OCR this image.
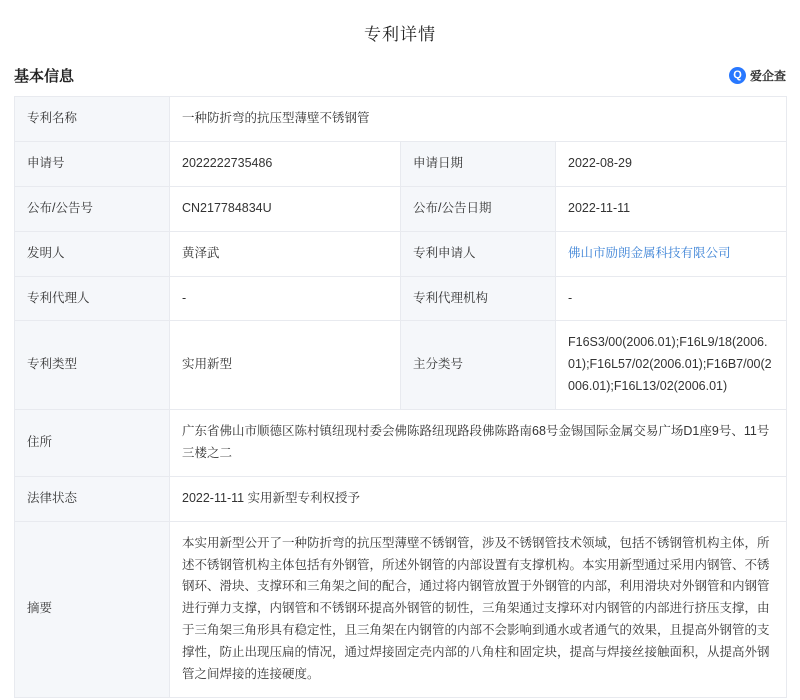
专利详情
基本信息	Q 爱企查
专利名称	一种防折弯的抗压型薄壁不锈钢管		
申请号	2022222735486	申请日期	2022-08-29
公布/公告号	CN217784834U	公布/公告日期	2022-11-11
发明人	黄泽武	专利申请人	佛山市励朗金属科技有限公司
专利代理人	-	专利代理机构	-
专利类型	实用新型	主分类号	F16S3/00(2006.01);F16L9/18(2006.01);F16L57/02(2006.01);F16B7/00(2006.01);F16L13/02(2006.01)
住所	广东省佛山市顺德区陈村镇纽现村委会佛陈路纽现路段佛陈路南68号金锡国际金属交易广场D1座9号、11号三楼之二		
法律状态	2022-11-11 实用新型专利权授予		
摘要	本实用新型公开了一种防折弯的抗压型薄壁不锈钢管，涉及不锈钢管技术领域，包括不锈钢管机构主体，所述不锈钢管机构主体包括有外钢管，所述外钢管的内部设置有支撑机构。本实用新型通过采用内钢管、不锈钢环、滑块、支撑环和三角架之间的配合，通过将内钢管放置于外钢管的内部，利用滑块对外钢管和内钢管进行弹力支撑，内钢管和不锈钢环提高外钢管的韧性，三角架通过支撑环对内钢管的内部进行挤压支撑，由于三角架三角形具有稳定性，且三角架在内钢管的内部不会影响到通水或者通气的效果，且提高外钢管的支撑性，防止出现压扁的情况，通过焊接固定壳内部的八角柱和固定块，提高与焊接丝接触面积，从提高外钢管之间焊接的连接硬度。		
